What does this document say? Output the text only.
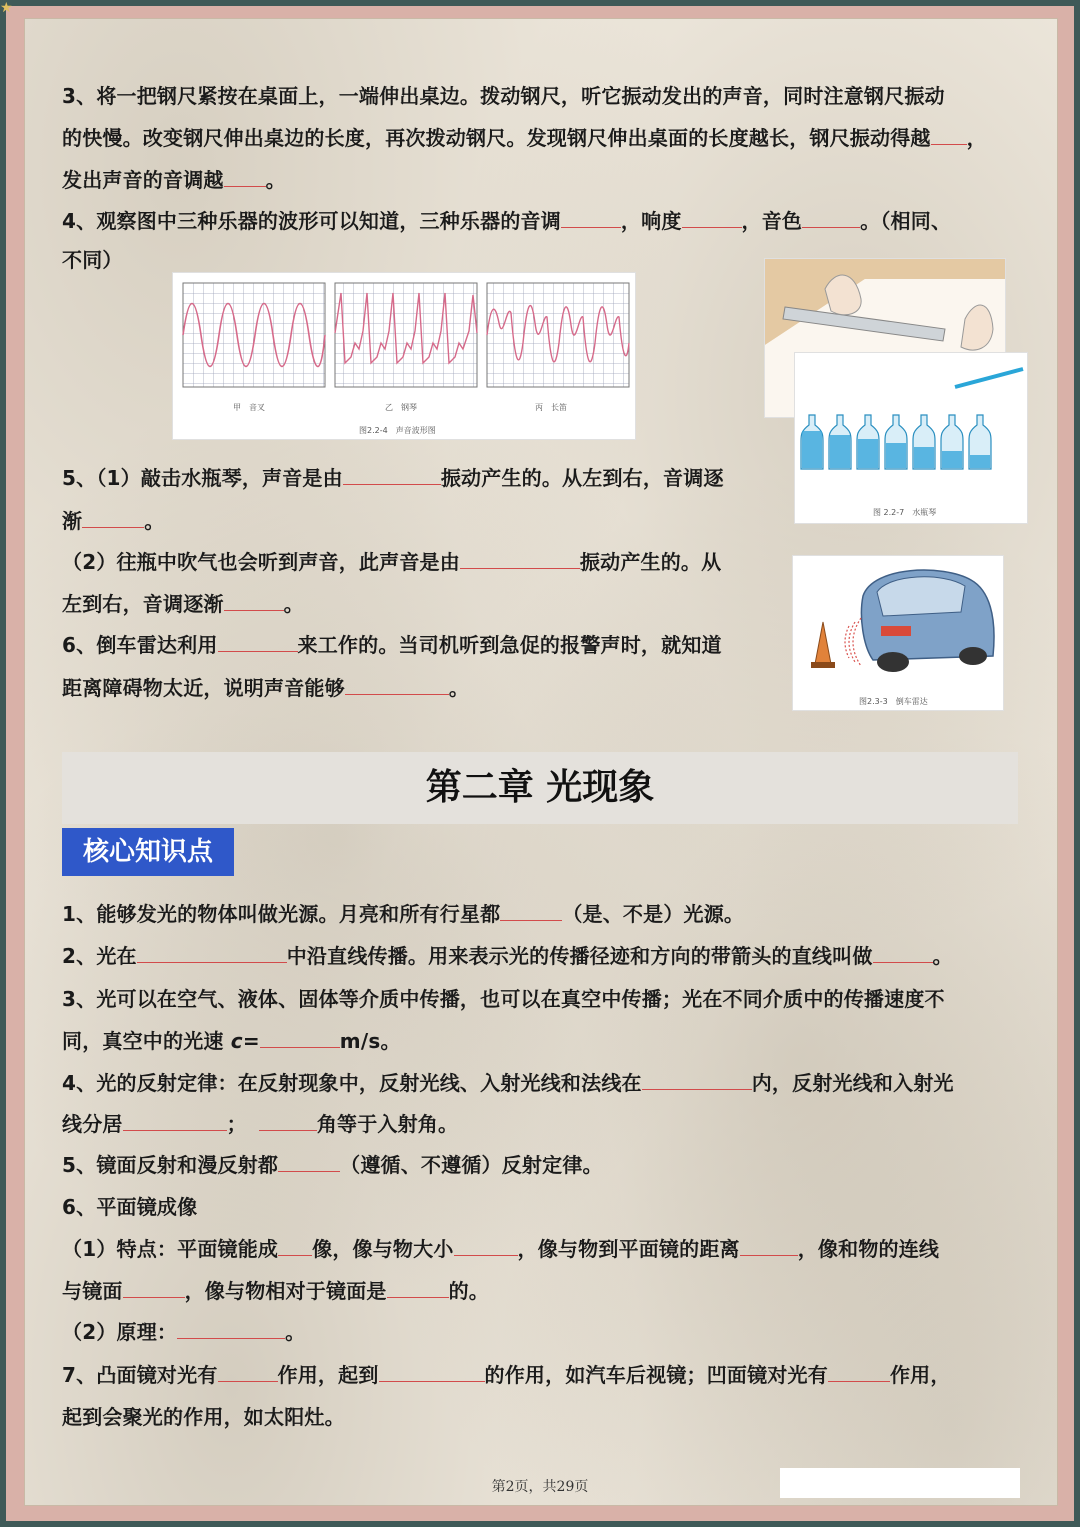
★
3、将一把钢尺紧按在桌面上，一端伸出桌边。拨动钢尺，听它振动发出的声音，同时注意钢尺振动
的快慢。改变钢尺伸出桌边的长度，再次拨动钢尺。发现钢尺伸出桌面的长度越长，钢尺振动得越 ，
发出声音的音调越 。
4、观察图中三种乐器的波形可以知道，三种乐器的音调	，响度	，音色	。（相同、
不同）
甲　音叉	乙　钢琴	丙　长笛
图2.2-4　声音波形图
图 2.2-7　水瓶琴
5、（1）敲击水瓶琴，声音是由	振动产生的。从左到右，音调逐
渐	。
（2）往瓶中吹气也会听到声音，此声音是由	振动产生的。从
左到右，音调逐渐	。
6、倒车雷达利用	来工作的。当司机听到急促的报警声时，就知道
距离障碍物太近，说明声音能够	。
图2.3-3　倒车雷达
第二章 光现象
核心知识点
1、能够发光的物体叫做光源。月亮和所有行星都	（是、不是）光源。
2、光在	中沿直线传播。用来表示光的传播径迹和方向的带箭头的直线叫做	。
3、光可以在空气、液体、固体等介质中传播，也可以在真空中传播；光在不同介质中的传播速度不
同，真空中的光速 c=	m/s。
4、光的反射定律：在反射现象中，反射光线、入射光线和法线在	内，反射光线和入射光
线分居	；	角等于入射角。
5、镜面反射和漫反射都	（遵循、不遵循）反射定律。
6、平面镜成像
（1）特点：平面镜能成 像，像与物大小	，像与物到平面镜的距离	，像和物的连线
与镜面	，像与物相对于镜面是	的。
（2）原理：	。
7、凸面镜对光有	作用，起到	的作用，如汽车后视镜；凹面镜对光有	作用，
起到会聚光的作用，如太阳灶。
第2页，共29页
